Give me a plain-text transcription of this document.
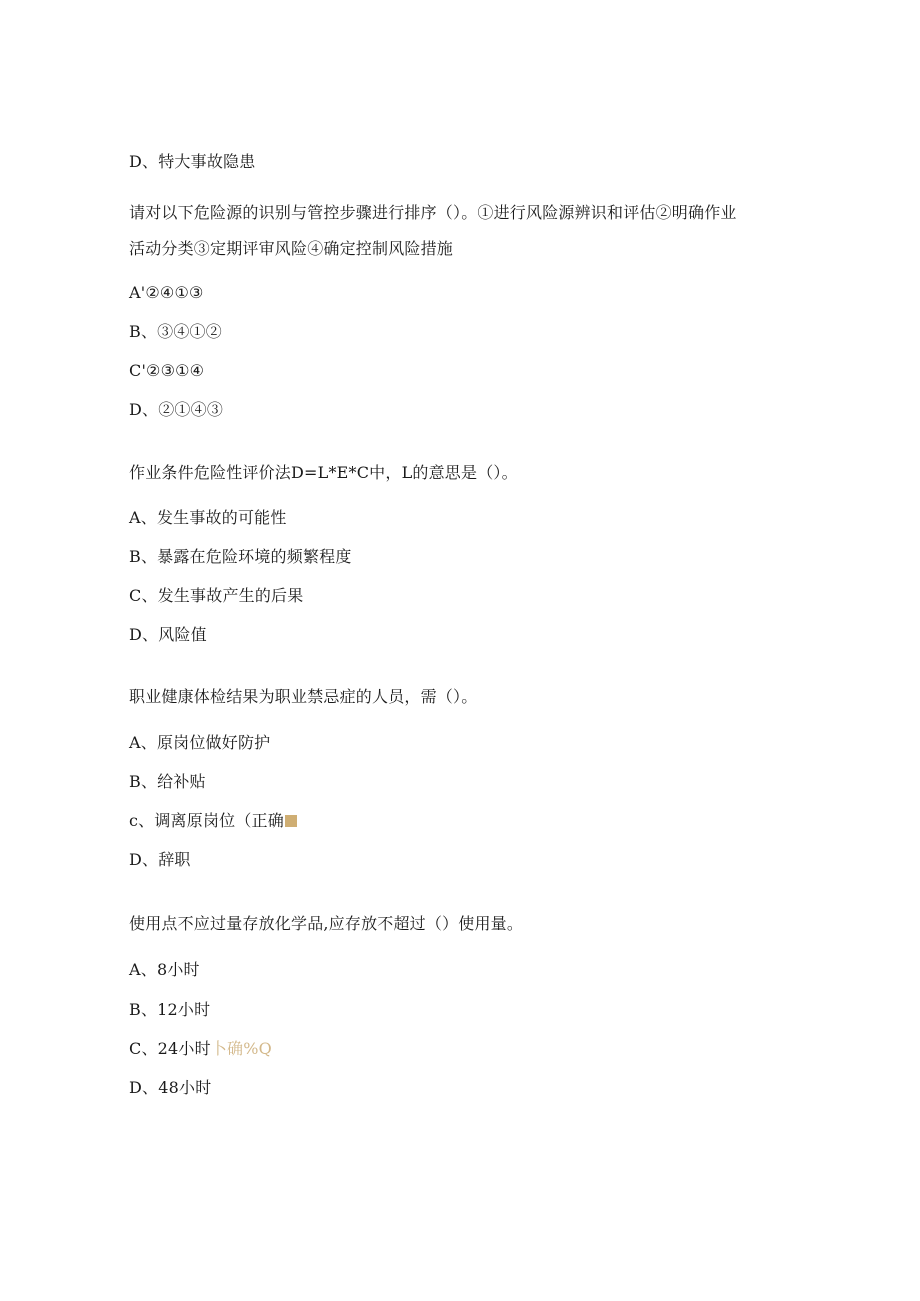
D、特大事故隐患
请对以下危险源的识别与管控步骤进行排序（）。①进行风险源辨识和评估②明确作业
活动分类③定期评审风险④确定控制风险措施
A'②④①③
B、③④①②
C'②③①④
D、②①④③
作业条件危险性评价法D=L*E*C中，L的意思是（）。
A、发生事故的可能性
B、暴露在危险环境的频繁程度
C、发生事故产生的后果
D、风险值
职业健康体检结果为职业禁忌症的人员，需（）。
A、原岗位做好防护
B、给补贴
c、调离原岗位（正确
D、辞职
使用点不应过量存放化学品,应存放不超过（）使用量。
A、8小时
B、12小时
C、24小时卜确%Q
D、48小时
